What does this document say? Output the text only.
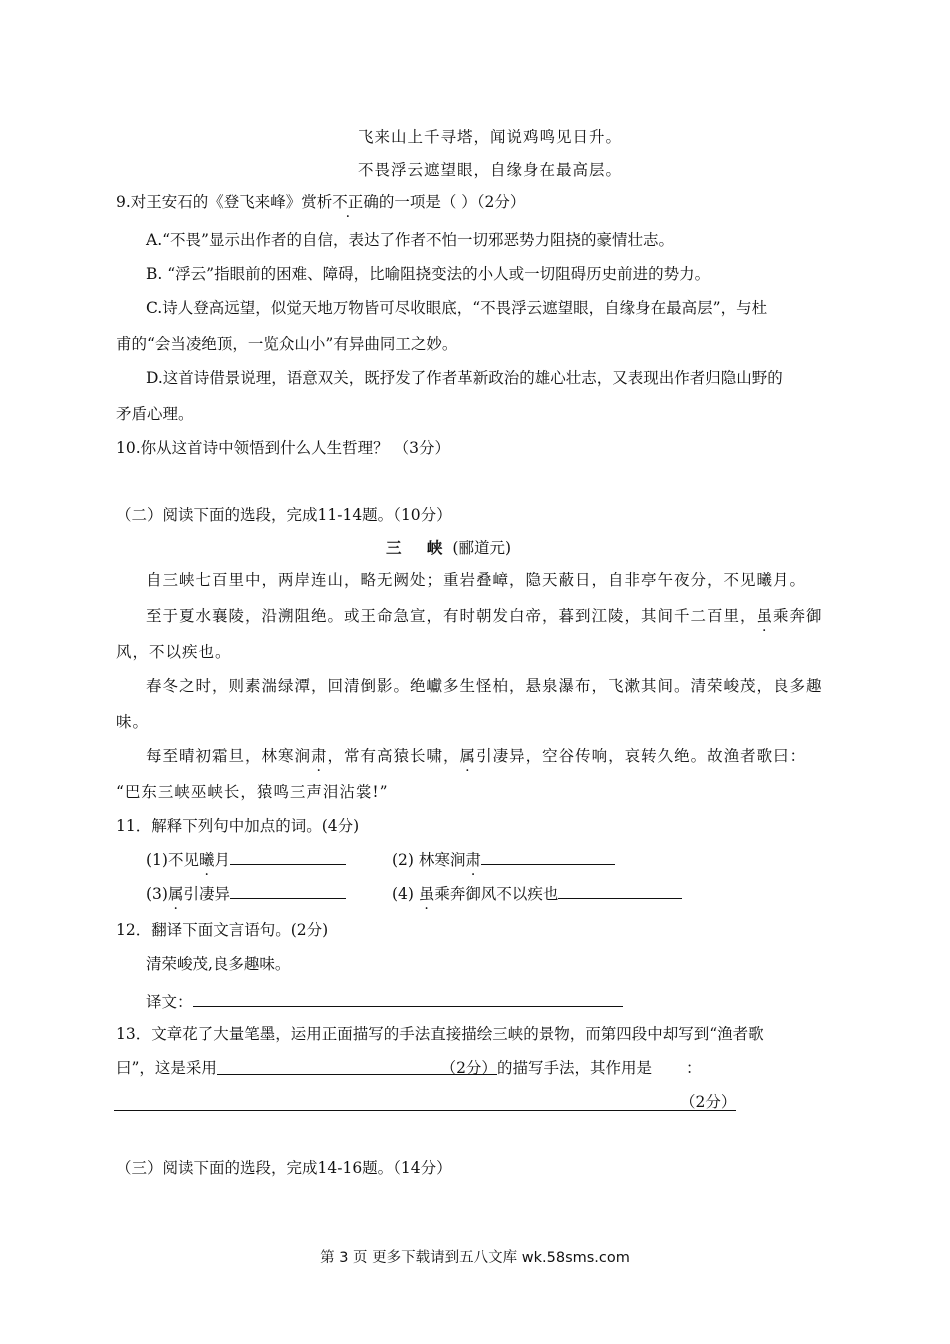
飞来山上千寻塔，闻说鸡鸣见日升。
不畏浮云遮望眼，自缘身在最高层。
9.对王安石的《登飞来峰》赏析不正确的一项是（ ）（2分）
A.“不畏”显示出作者的自信，表达了作者不怕一切邪恶势力阻挠的豪情壮志。
B. “浮云”指眼前的困难、障碍，比喻阻挠变法的小人或一切阻碍历史前进的势力。
C.诗人登高远望，似觉天地万物皆可尽收眼底，“不畏浮云遮望眼，自缘身在最高层”，与杜
甫的“会当凌绝顶，一览众山小”有异曲同工之妙。
D.这首诗借景说理，语意双关，既抒发了作者革新政治的雄心壮志，又表现出作者归隐山野的
矛盾心理。
10.你从这首诗中领悟到什么人生哲理？ （3分）
（二）阅读下面的选段，完成11-14题。（10分）
三 峡(郦道元)
自三峡七百里中，两岸连山，略无阙处；重岩叠嶂，隐天蔽日，自非亭午夜分，不见曦月。
至于夏水襄陵，沿溯阻绝。或王命急宣，有时朝发白帝，暮到江陵，其间千二百里，虽乘奔御
风，不以疾也。
春冬之时，则素湍绿潭，回清倒影。绝巘多生怪柏，悬泉瀑布，飞漱其间。清荣峻茂，良多趣
味。
每至晴初霜旦，林寒涧肃，常有高猿长啸，属引凄异，空谷传响，哀转久绝。故渔者歌曰：
“巴东三峡巫峡长，猿鸣三声泪沾裳!”
11．解释下列句中加点的词。(4分)
(1)不见曦月	(2) 林寒涧肃
(3)属引凄异	(4) 虽乘奔御风不以疾也
12．翻译下面文言语句。(2分)
清荣峻茂,良多趣味。
译文：
13．文章花了大量笔墨，运用正面描写的手法直接描绘三峡的景物，而第四段中却写到“渔者歌
曰”，这是采用	（2分）的描写手法，其作用是 ：
（2分）
（三）阅读下面的选段，完成14-16题。（14分）
第 3 页 更多下载请到五八文库 wk.58sms.com
